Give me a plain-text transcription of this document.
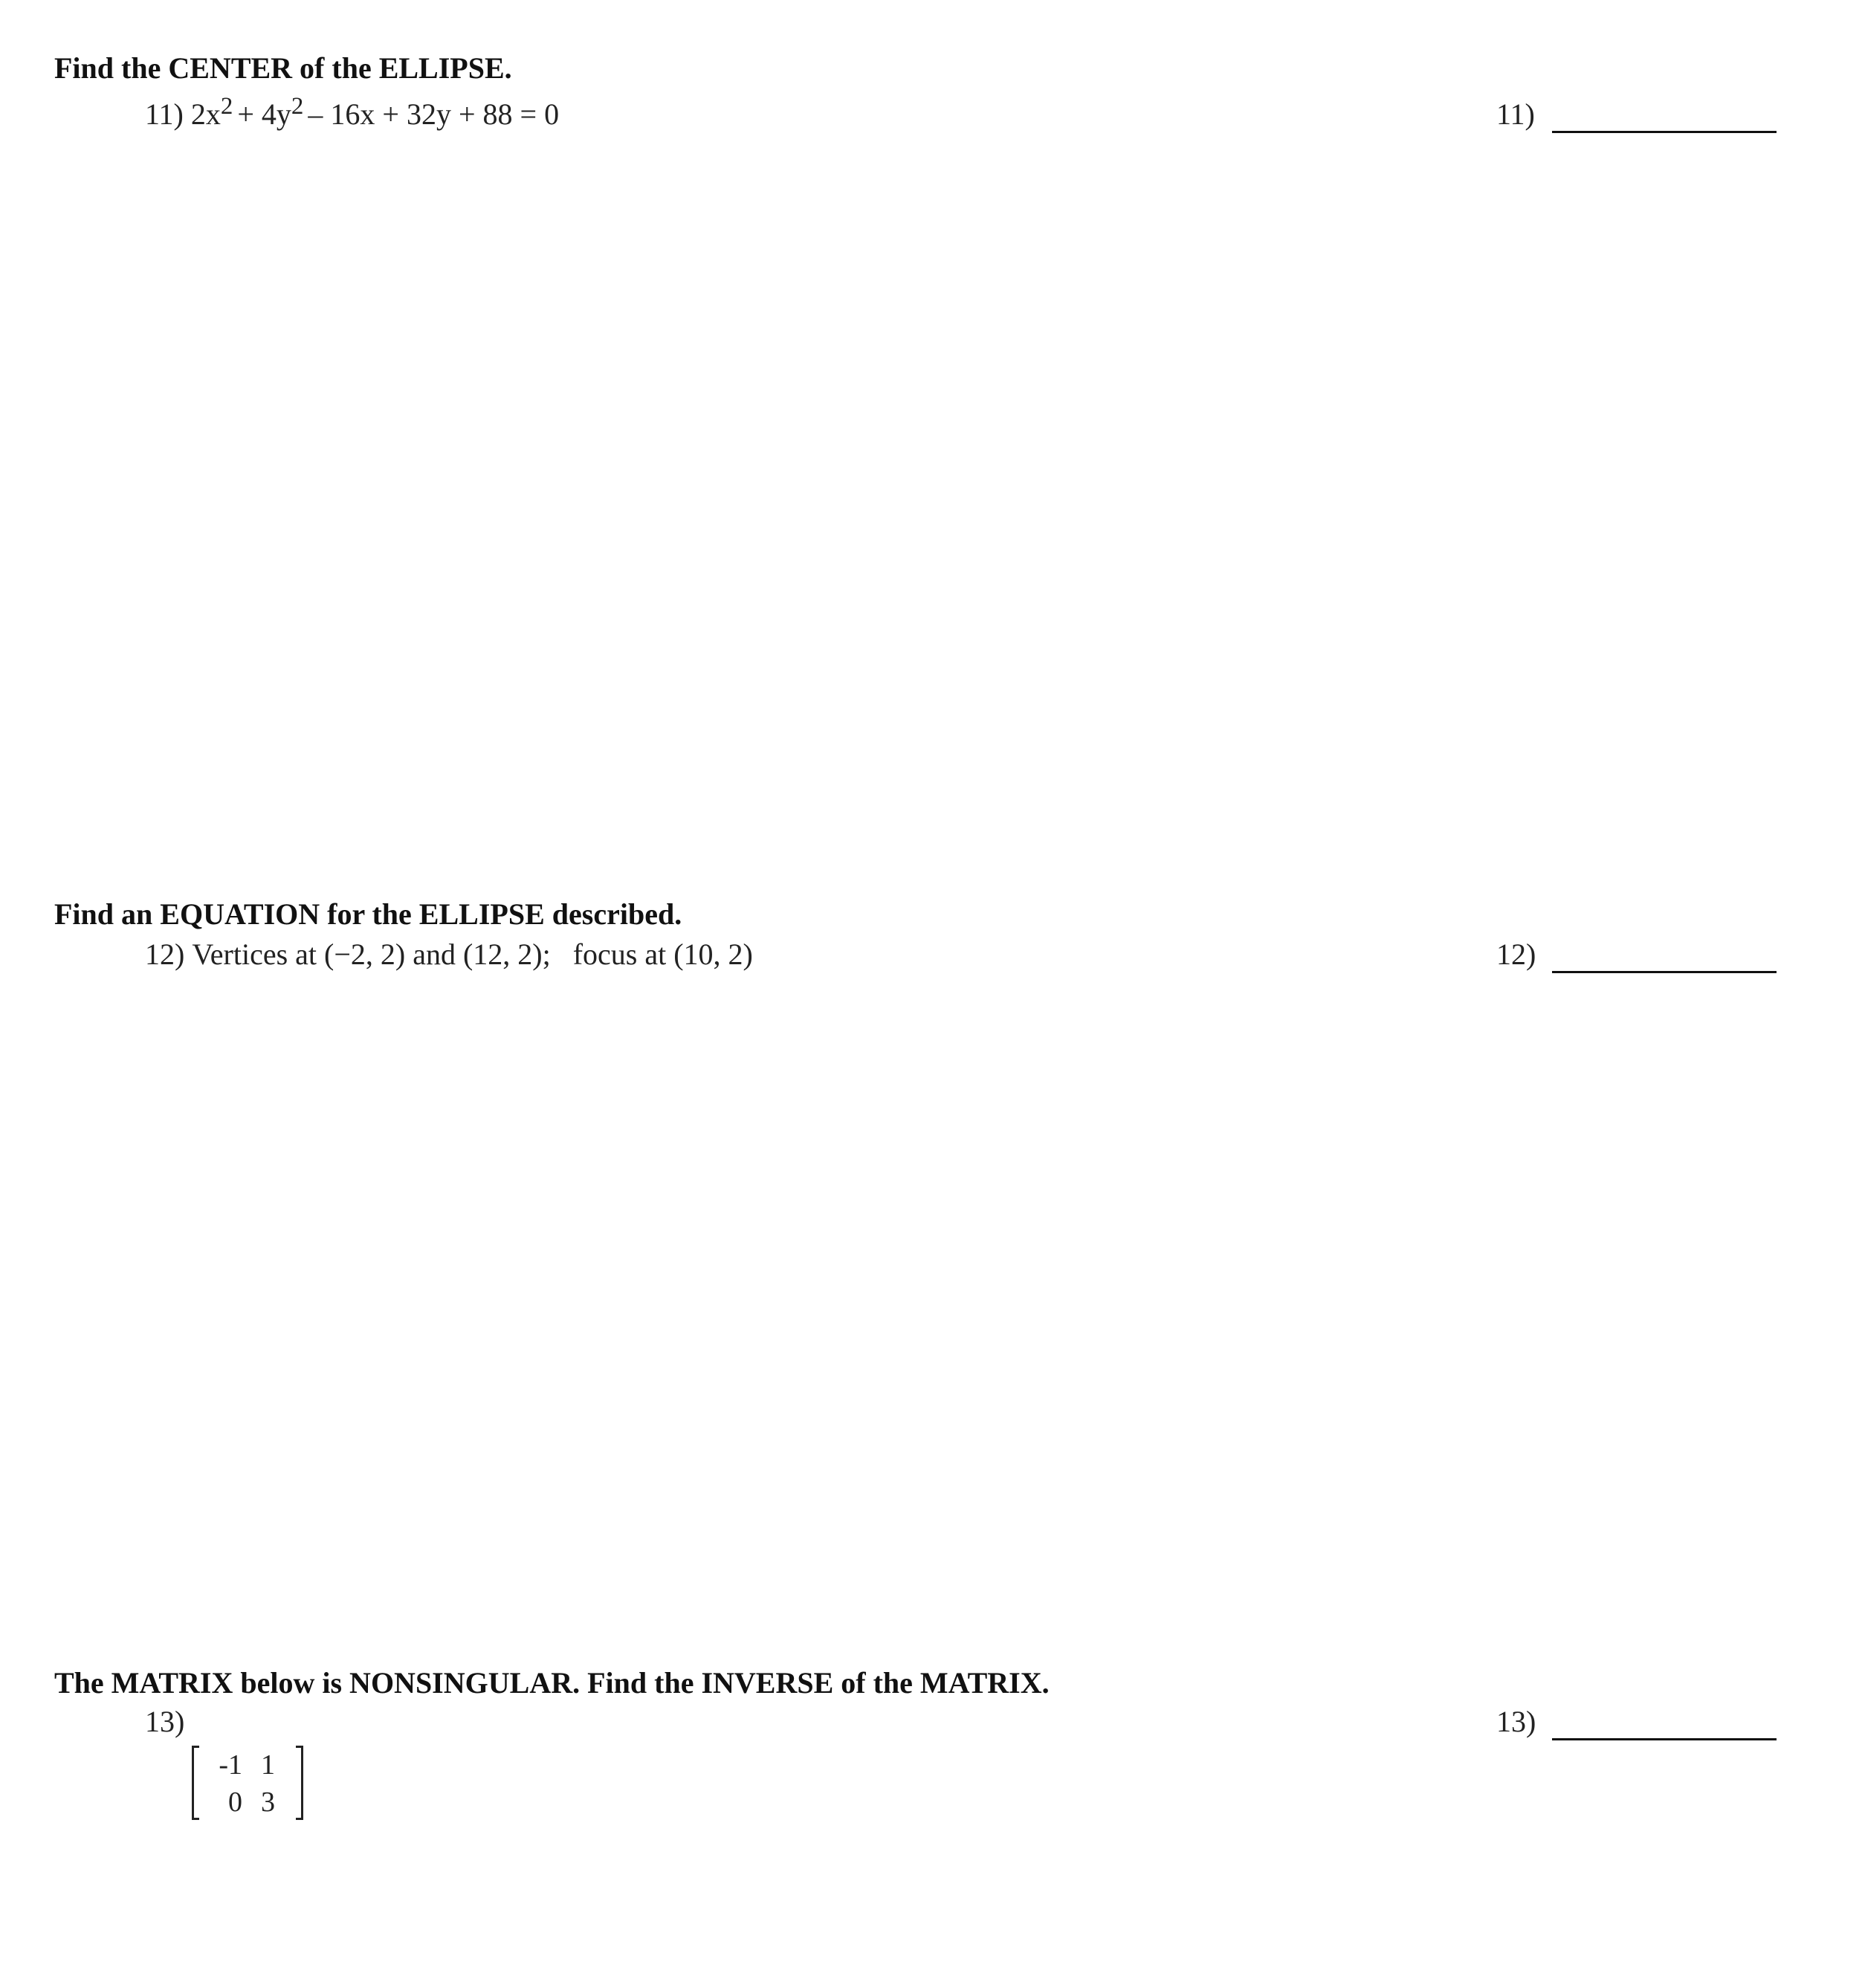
Find the CENTER of the ELLIPSE.
11) $2x^2 + 4y^2 - 16x + 32y + 88 = 0$	11)
Find an EQUATION for the ELLIPSE described.
12) Vertices at (−2, 2) and (12, 2);   focus at (10, 2)	12)
The MATRIX below is NONSINGULAR. Find the INVERSE of the MATRIX.
13)	13)
-1 1
0 3
